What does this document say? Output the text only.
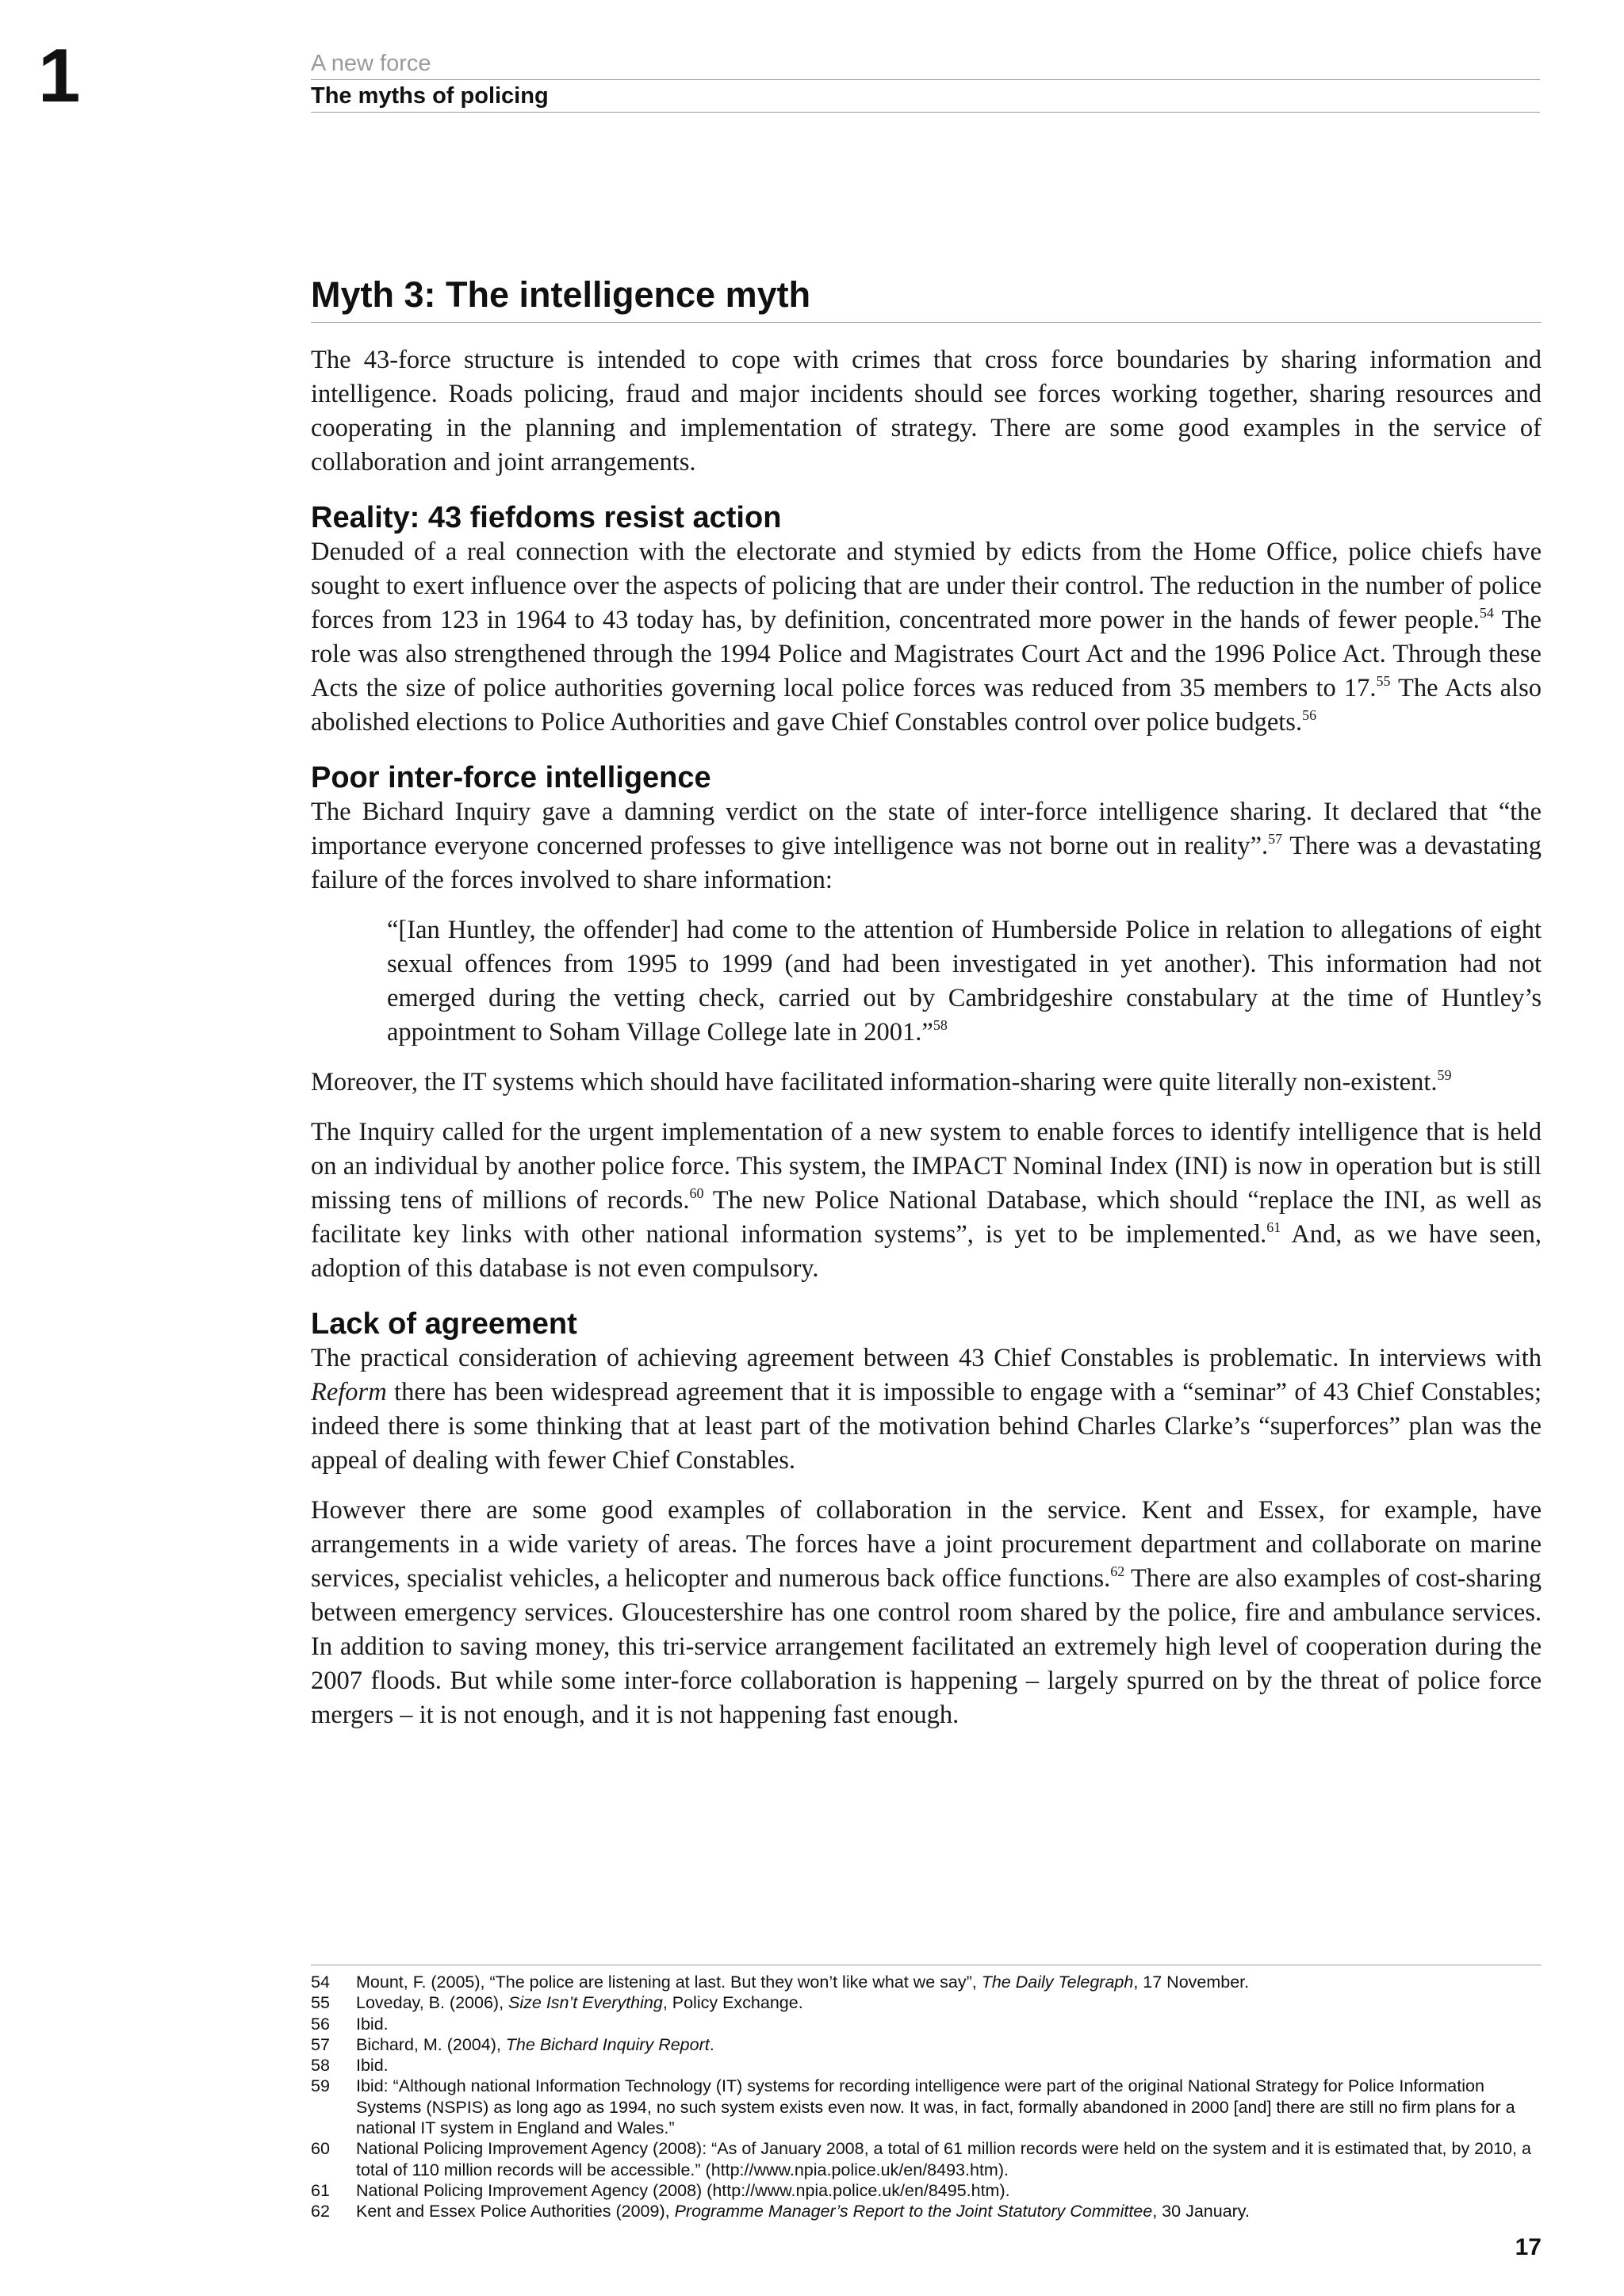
1	A new force
The myths of policing
Myth 3: The intelligence myth

The 43-force structure is intended to cope with crimes that cross force boundaries by sharing information and intelligence. Roads policing, fraud and major incidents should see forces working together, sharing resources and cooperating in the planning and implementation of strategy. There are some good examples in the service of collaboration and joint arrangements.

Reality: 43 fiefdoms resist action

Denuded of a real connection with the electorate and stymied by edicts from the Home Office, police chiefs have sought to exert influence over the aspects of policing that are under their control. The reduction in the number of police forces from 123 in 1964 to 43 today has, by definition, concentrated more power in the hands of fewer people.$^{54}$ The role was also strengthened through the 1994 Police and Magistrates Court Act and the 1996 Police Act. Through these Acts the size of police authorities governing local police forces was reduced from 35 members to 17.55 The Acts also abolished elections to Police Authorities and gave Chief Constables control over police budgets.$^{56}$

Poor inter-force intelligence

The Bichard Inquiry gave a damning verdict on the state of inter-force intelligence sharing. It declared that “the importance everyone concerned professes to give intelligence was not borne out in reality”.$^{57}$ There was a devastating failure of the forces involved to share information:

“[Ian Huntley, the offender] had come to the attention of Humberside Police in relation to allegations of eight sexual offences from 1995 to 1999 (and had been investigated in yet another). This information had not emerged during the vetting check, carried out by Cambridgeshire constabulary at the time of Huntley’s appointment to Soham Village College late in 2001.”$^{58}$

Moreover, the IT systems which should have facilitated information-sharing were quite literally non-existent.$^{59}$

The Inquiry called for the urgent implementation of a new system to enable forces to identify intelligence that is held on an individual by another police force. This system, the IMPACT Nominal Index (INI) is now in operation but is still missing tens of millions of records.$^{60}$ The new Police National Database, which should “replace the INI, as well as facilitate key links with other national information systems”, is yet to be implemented.$^{61}$ And, as we have seen, adoption of this database is not even compulsory.

Lack of agreement

The practical consideration of achieving agreement between 43 Chief Constables is problematic. In interviews with Reform there has been widespread agreement that it is impossible to engage with a “seminar” of 43 Chief Constables; indeed there is some thinking that at least part of the motivation behind Charles Clarke’s “superforces” plan was the appeal of dealing with fewer Chief Constables.

However there are some good examples of collaboration in the service. Kent and Essex, for example, have arrangements in a wide variety of areas. The forces have a joint procurement department and collaborate on marine services, specialist vehicles, a helicopter and numerous back office functions.$^{62}$ There are also examples of cost-sharing between emergency services. Gloucestershire has one control room shared by the police, fire and ambulance services. In addition to saving money, this tri-service arrangement facilitated an extremely high level of cooperation during the 2007 floods. But while some inter-force collaboration is happening – largely spurred on by the threat of police force mergers – it is not enough, and it is not happening fast enough.

54	Mount, F. (2005), “The police are listening at last. But they won’t like what we say”, The Daily Telegraph, 17 November.
55	Loveday, B. (2006), Size Isn’t Everything, Policy Exchange.
56	Ibid.
57	Bichard, M. (2004), The Bichard Inquiry Report.
58	Ibid.
59	Ibid: “Although national Information Technology (IT) systems for recording intelligence were part of the original National Strategy for Police Information Systems (NSPIS) as long ago as 1994, no such system exists even now. It was, in fact, formally abandoned in 2000 [and] there are still no firm plans for a national IT system in England and Wales.”
60	National Policing Improvement Agency (2008): “As of January 2008, a total of 61 million records were held on the system and it is estimated that, by 2010, a total of 110 million records will be accessible.” (http://www.npia.police.uk/en/8493.htm).
61	National Policing Improvement Agency (2008) (http://www.npia.police.uk/en/8495.htm).
62	Kent and Essex Police Authorities (2009), Programme Manager’s Report to the Joint Statutory Committee, 30 January.
17
